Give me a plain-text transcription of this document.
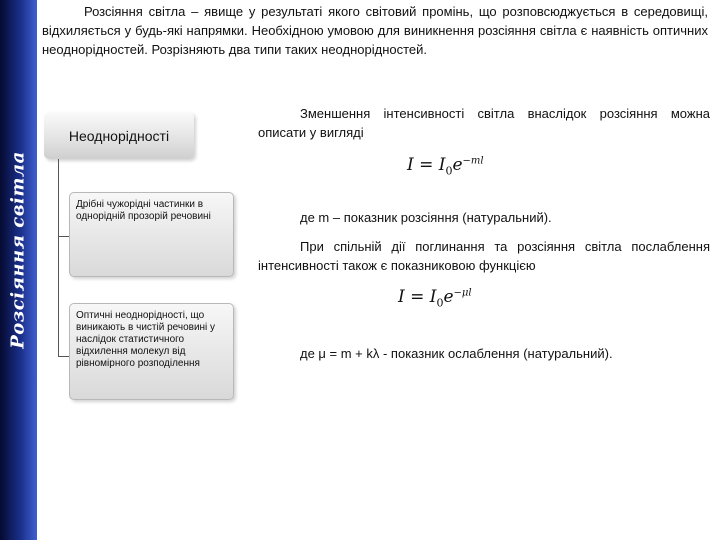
Розсіяння світла

Розсіяння світла – явище у результаті якого світовий промінь, що розповсюджується в середовищі, відхиляється у будь-які напрямки. Необхідною умовою для виникнення розсіяння світла є наявність оптичних неоднорідностей. Розрізняють два типи таких неоднорідностей.

Неоднорідності
Дрібні чужорідні частинки в однорідній прозорій речовині
Оптичні неоднорідності, що виникають в чистій речовині у наслідок статистичного відхилення молекул від рівномірного розподілення

Зменшення інтенсивності світла внаслідок розсіяння можна описати у вигляді

$I = I_0e^{-ml}$

де m – показник розсіяння (натуральний).

При спільній дії поглинання та розсіяння світла послаблення інтенсивності також є показниковою функцією

$I = I_0e^{-\mu l}$

де μ = m + kλ - показник ослаблення (натуральний).
